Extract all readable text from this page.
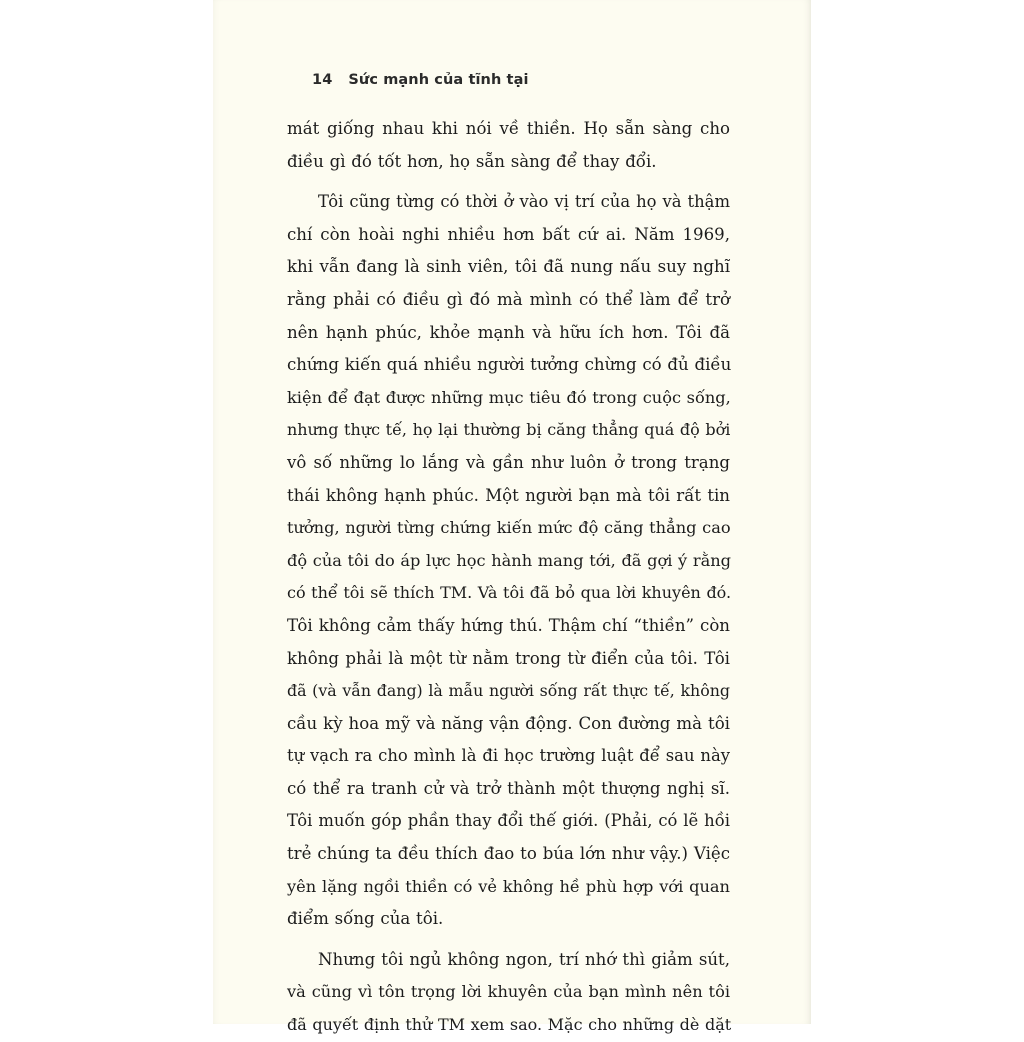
14 Sức mạnh của tĩnh tại
mát giống nhau khi nói về thiền. Họ sẵn sàng cho
điều gì đó tốt hơn, họ sẵn sàng để thay đổi.
Tôi cũng từng có thời ở vào vị trí của họ và thậm
chí còn hoài nghi nhiều hơn bất cứ ai. Năm 1969,
khi vẫn đang là sinh viên, tôi đã nung nấu suy nghĩ
rằng phải có điều gì đó mà mình có thể làm để trở
nên hạnh phúc, khỏe mạnh và hữu ích hơn. Tôi đã
chứng kiến quá nhiều người tưởng chừng có đủ điều
kiện để đạt được những mục tiêu đó trong cuộc sống,
nhưng thực tế, họ lại thường bị căng thẳng quá độ bởi
vô số những lo lắng và gần như luôn ở trong trạng
thái không hạnh phúc. Một người bạn mà tôi rất tin
tưởng, người từng chứng kiến mức độ căng thẳng cao
độ của tôi do áp lực học hành mang tới, đã gợi ý rằng
có thể tôi sẽ thích TM. Và tôi đã bỏ qua lời khuyên đó.
Tôi không cảm thấy hứng thú. Thậm chí “thiền” còn
không phải là một từ nằm trong từ điển của tôi. Tôi
đã (và vẫn đang) là mẫu người sống rất thực tế, không
cầu kỳ hoa mỹ và năng vận động. Con đường mà tôi
tự vạch ra cho mình là đi học trường luật để sau này
có thể ra tranh cử và trở thành một thượng nghị sĩ.
Tôi muốn góp phần thay đổi thế giới. (Phải, có lẽ hồi
trẻ chúng ta đều thích đao to búa lớn như vậy.) Việc
yên lặng ngồi thiền có vẻ không hề phù hợp với quan
điểm sống của tôi.
Nhưng tôi ngủ không ngon, trí nhớ thì giảm sút,
và cũng vì tôn trọng lời khuyên của bạn mình nên tôi
đã quyết định thử TM xem sao. Mặc cho những dè dặt
